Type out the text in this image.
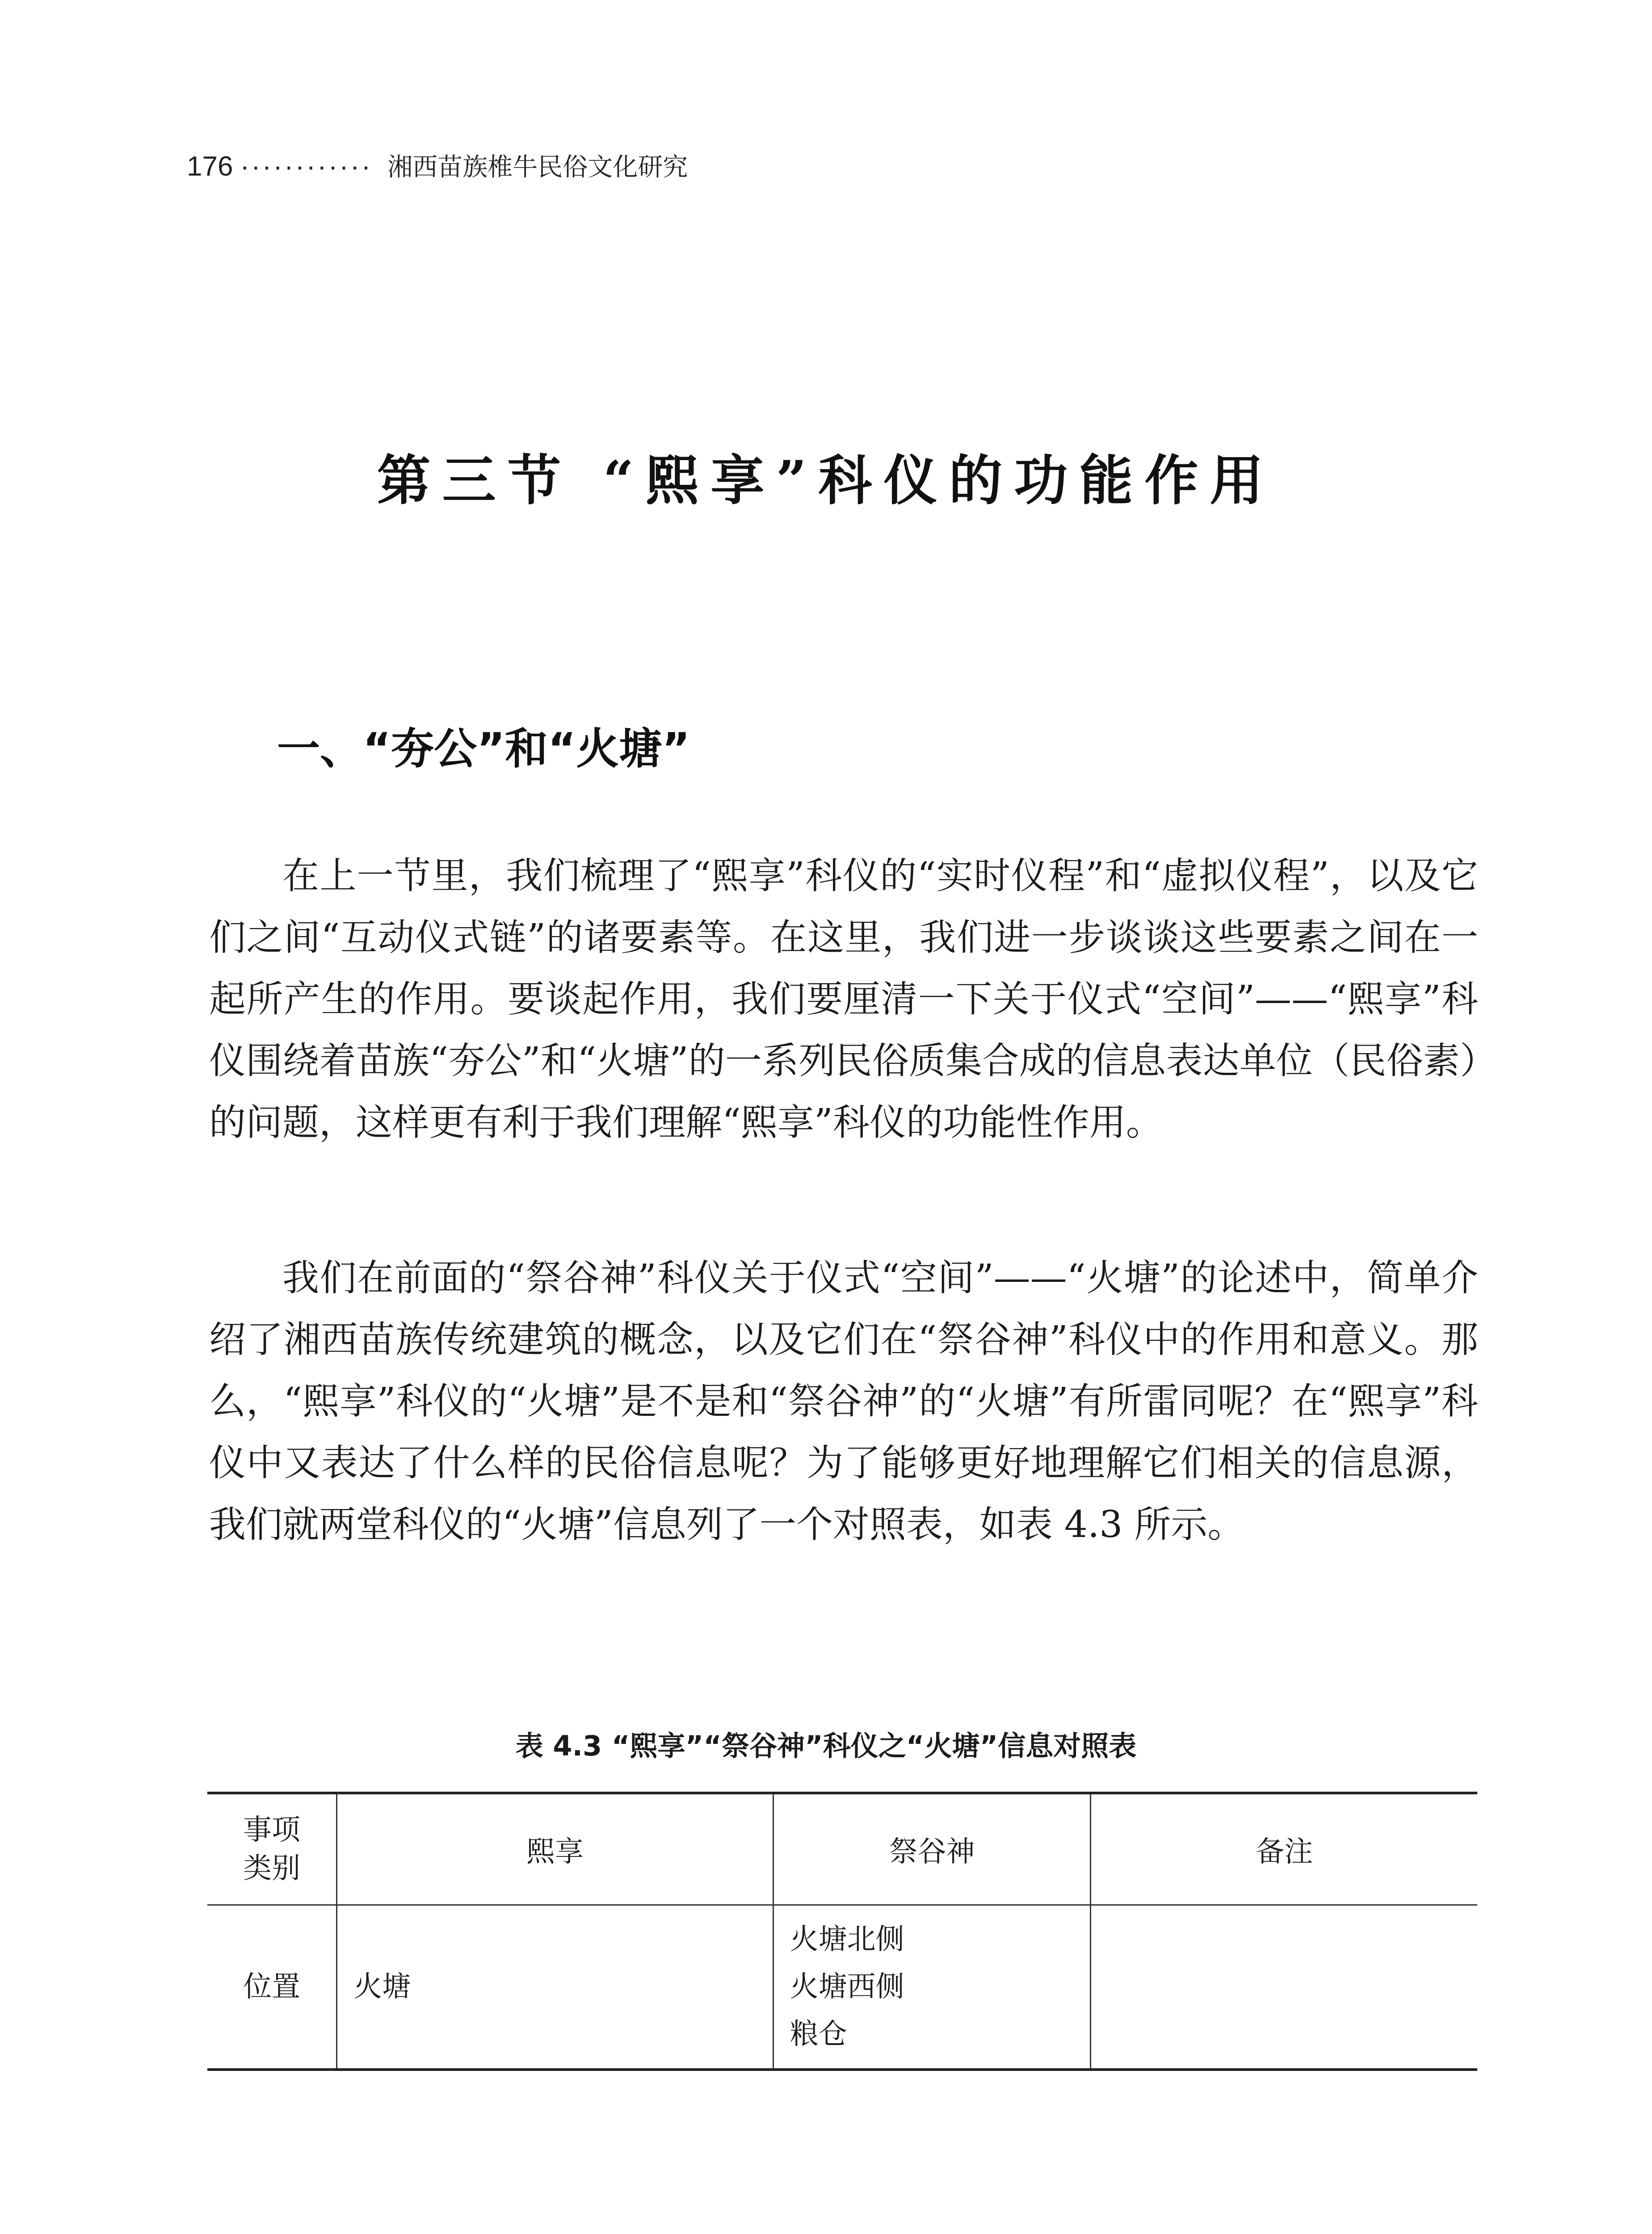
176 ············ 湘西苗族椎牛民俗文化研究
第三节 “熙享”科仪的功能作用
一、“夯公”和“火塘”
在上一节里，我们梳理了“熙享”科仪的“实时仪程”和“虚拟仪程”，以及它们之间“互动仪式链”的诸要素等。在这里，我们进一步谈谈这些要素之间在一起所产生的作用。要谈起作用，我们要厘清一下关于仪式“空间”——“熙享”科仪围绕着苗族“夯公”和“火塘”的一系列民俗质集合成的信息表达单位（民俗素）的问题，这样更有利于我们理解“熙享”科仪的功能性作用。
我们在前面的“祭谷神”科仪关于仪式“空间”——“火塘”的论述中，简单介绍了湘西苗族传统建筑的概念，以及它们在“祭谷神”科仪中的作用和意义。那么，“熙享”科仪的“火塘”是不是和“祭谷神”的“火塘”有所雷同呢？在“熙享”科仪中又表达了什么样的民俗信息呢？为了能够更好地理解它们相关的信息源，我们就两堂科仪的“火塘”信息列了一个对照表，如表 4.3 所示。
表 4.3 “熙享”“祭谷神”科仪之“火塘”信息对照表
事项
类别	熙享	祭谷神	备注
位置	火塘	火塘北侧
火塘西侧
粮仓	
